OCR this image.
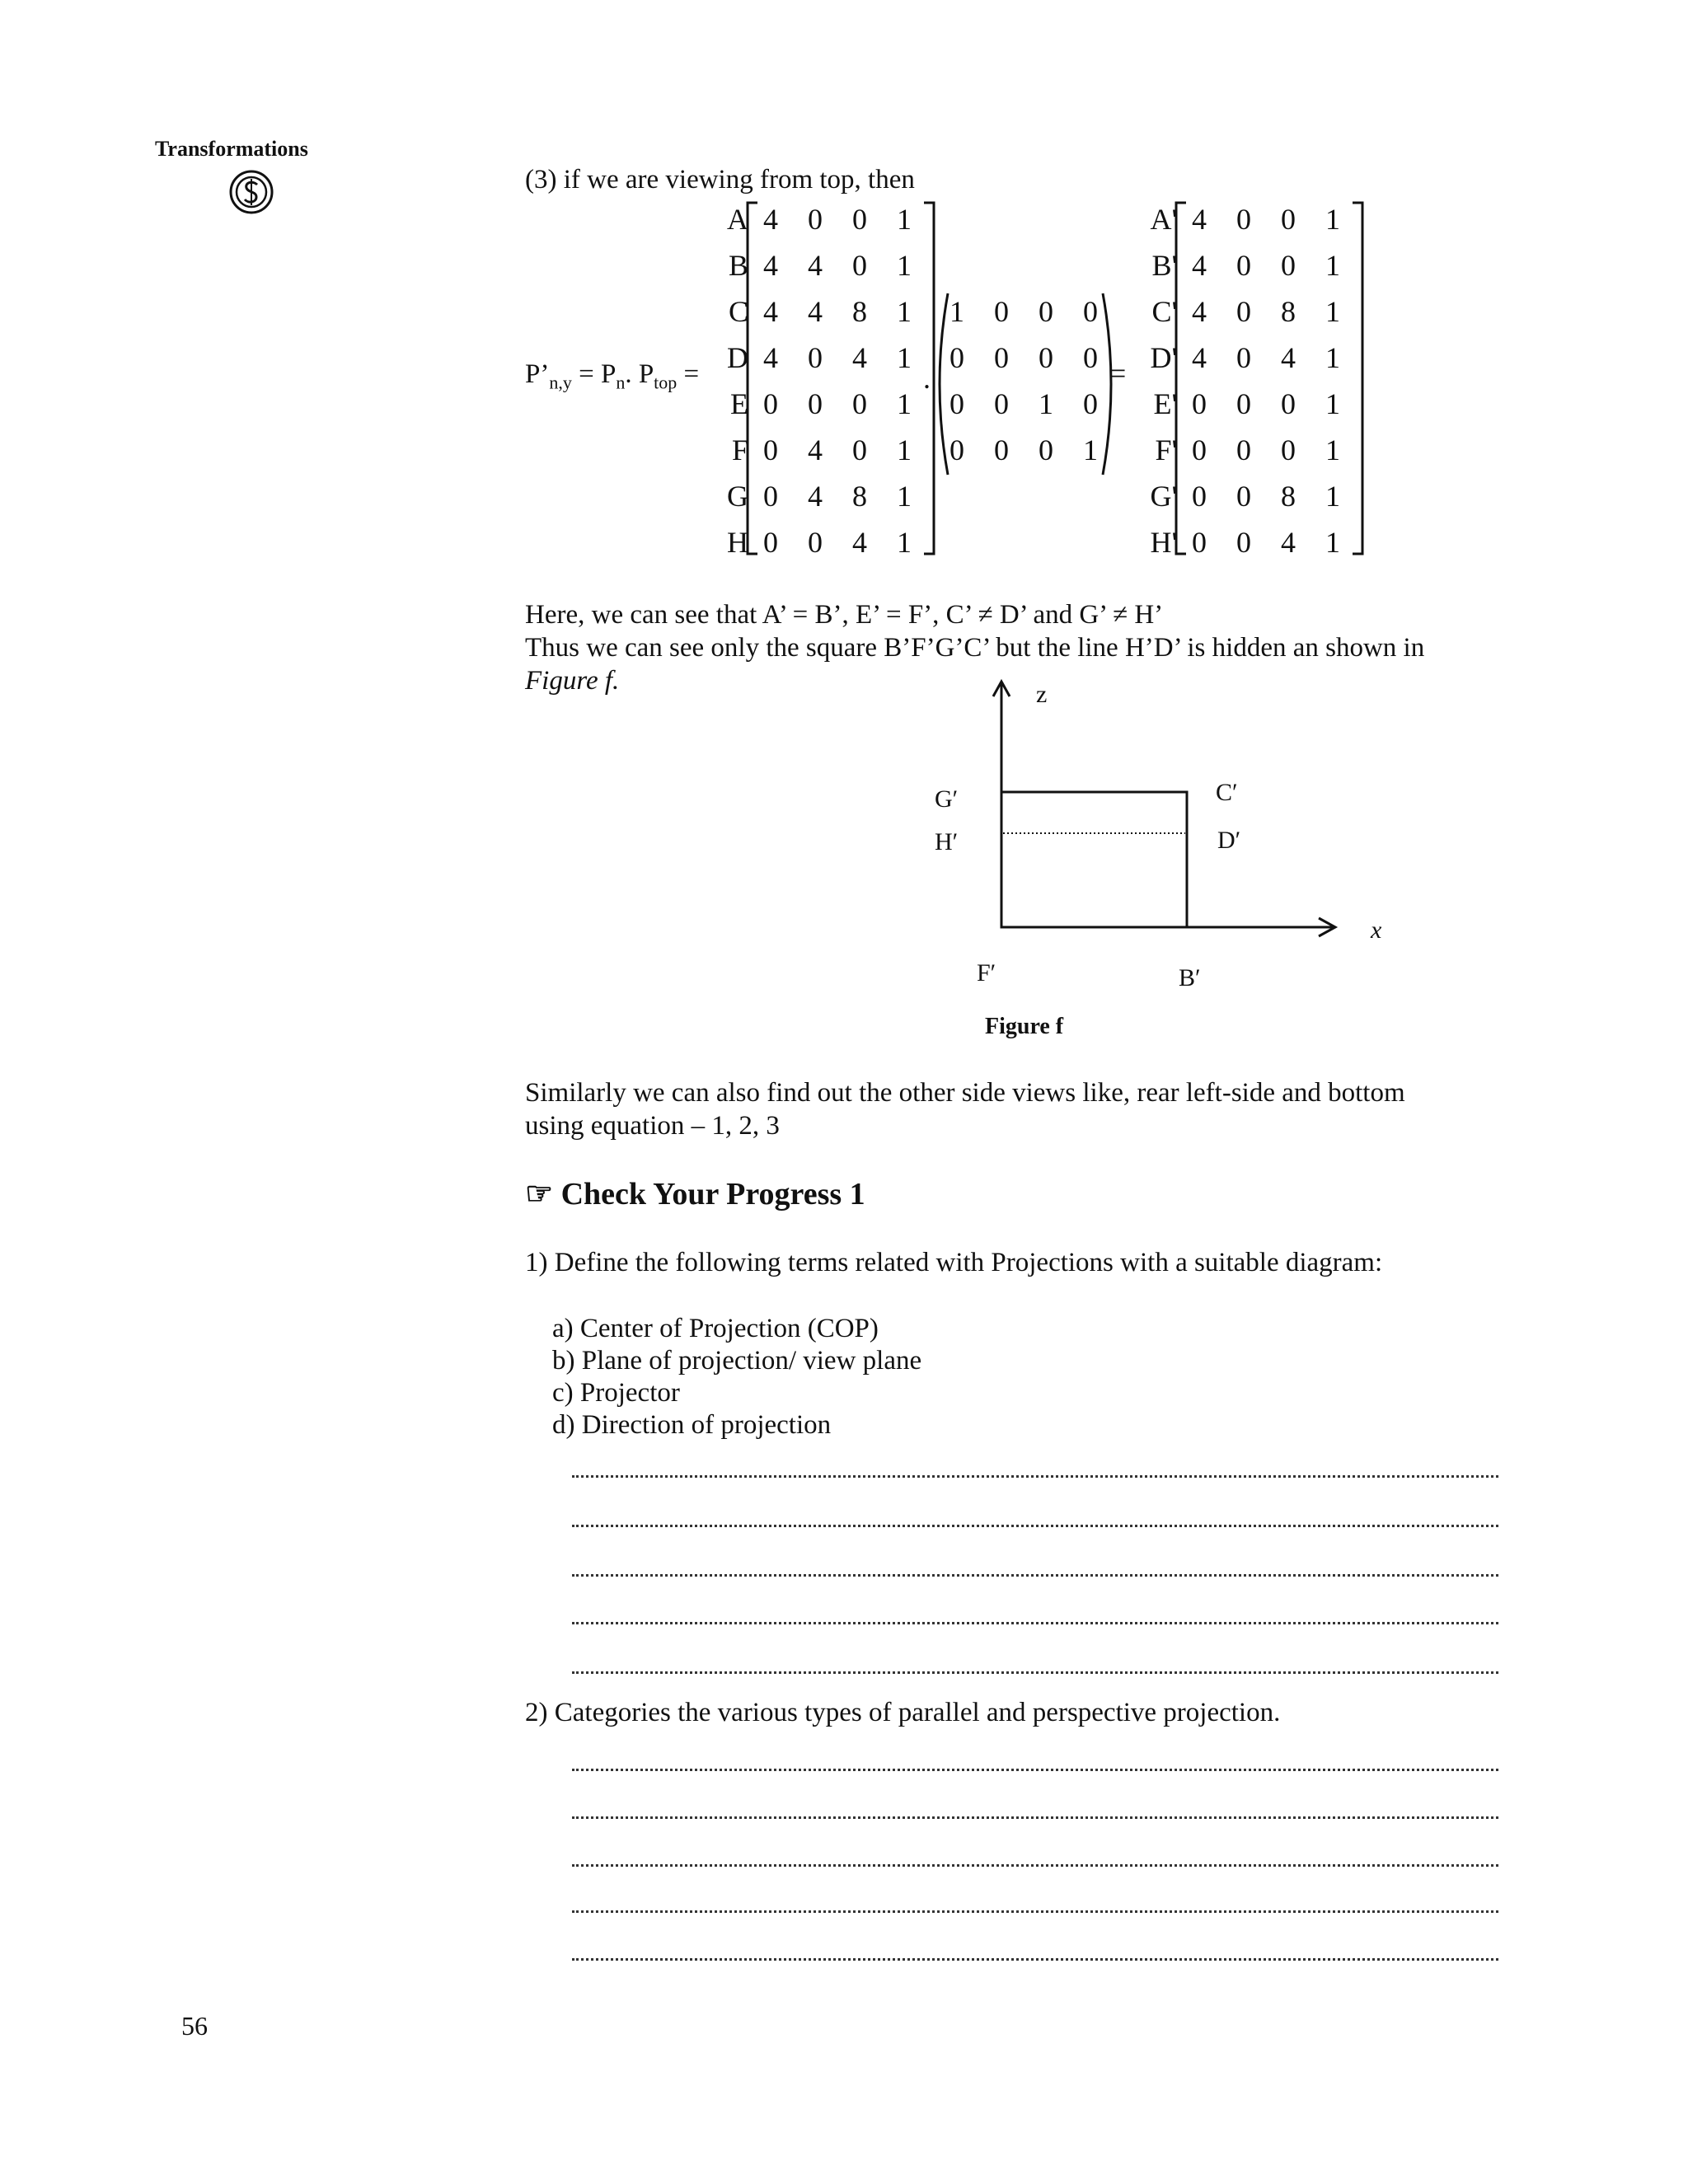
Transformations
(3) if we are viewing from top, then
$P’_{n,y} = P_n$. $P_{top}$ =
A 4	0	0	1
B 4	4	0	1
C 4	4	8	1
D 4	0	4	1
E 0	0	0	1
F 0	4	0	1
G 0	4	8	1
H 0	0	4	1
.
1	0	0	0
0	0	0	0
0	0	1	0
0	0	0	1
=
A' 4	0	0	1
B' 4	0	0	1
C' 4	0	8	1
D' 4	0	4	1
E' 0	0	0	1
F' 0	0	0	1
G' 0	0	8	1
H' 0	0	4	1
Here, we can see that A’ = B’, E’ = F’, C’ ≠ D’ and G’ ≠ H’
Thus we can see only the square B’F’G’C’ but the line H’D’ is hidden an shown in
Figure f.	z
x
G′
H′
C′
D′
F′	B′
Figure f
Similarly we can also find out the other side views like, rear left-side and bottom
using equation – 1, 2, 3
☞ Check Your Progress 1
1) Define the following terms related with Projections with a suitable diagram:
a) Center of Projection (COP)
b) Plane of projection/ view plane
c) Projector
d) Direction of projection
2) Categories the various types of parallel and perspective projection.
56
